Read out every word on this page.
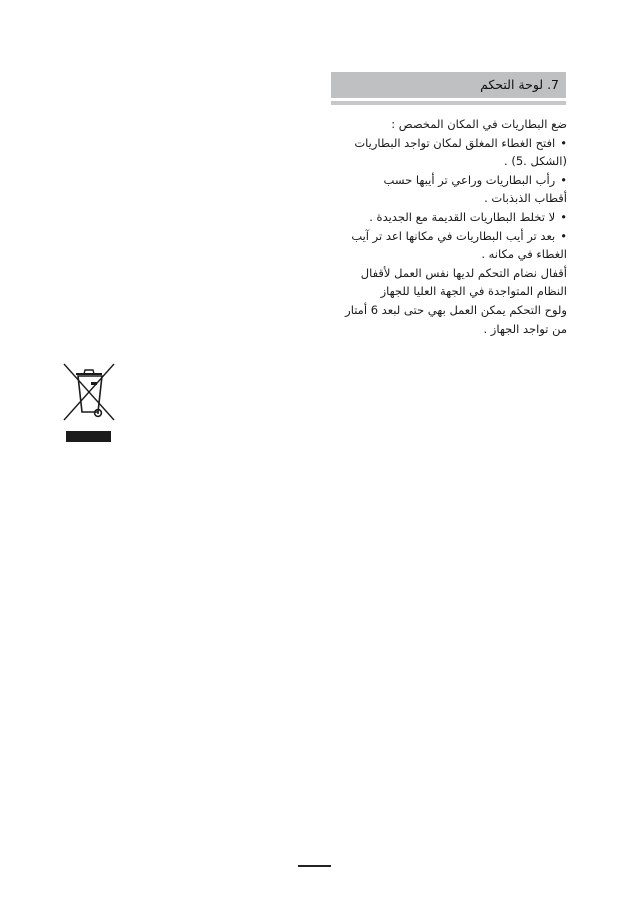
7. لوحة التحكم
ضع البطاريات في المكان المخصص :
• افتح الغطاء المغلق لمكان تواجد البطاريات
(الشكل .5) .
• رأب البطاريات وراعي تر أيبها حسب
أقطاب الذبذبات .
• لا تخلط البطاريات القديمة مع الجديدة .
• بعد تر أيب البطاريات في مكانها اعد تر آيب
الغطاء في مكانه .
أقفال نضام التحكم لديها نفس العمل لأقفال
النظام المتواجدة في الجهة العليا للجهاز
ولوح التحكم يمكن العمل بهي حتى لبعد 6 أمتار
من تواجد الجهاز .
